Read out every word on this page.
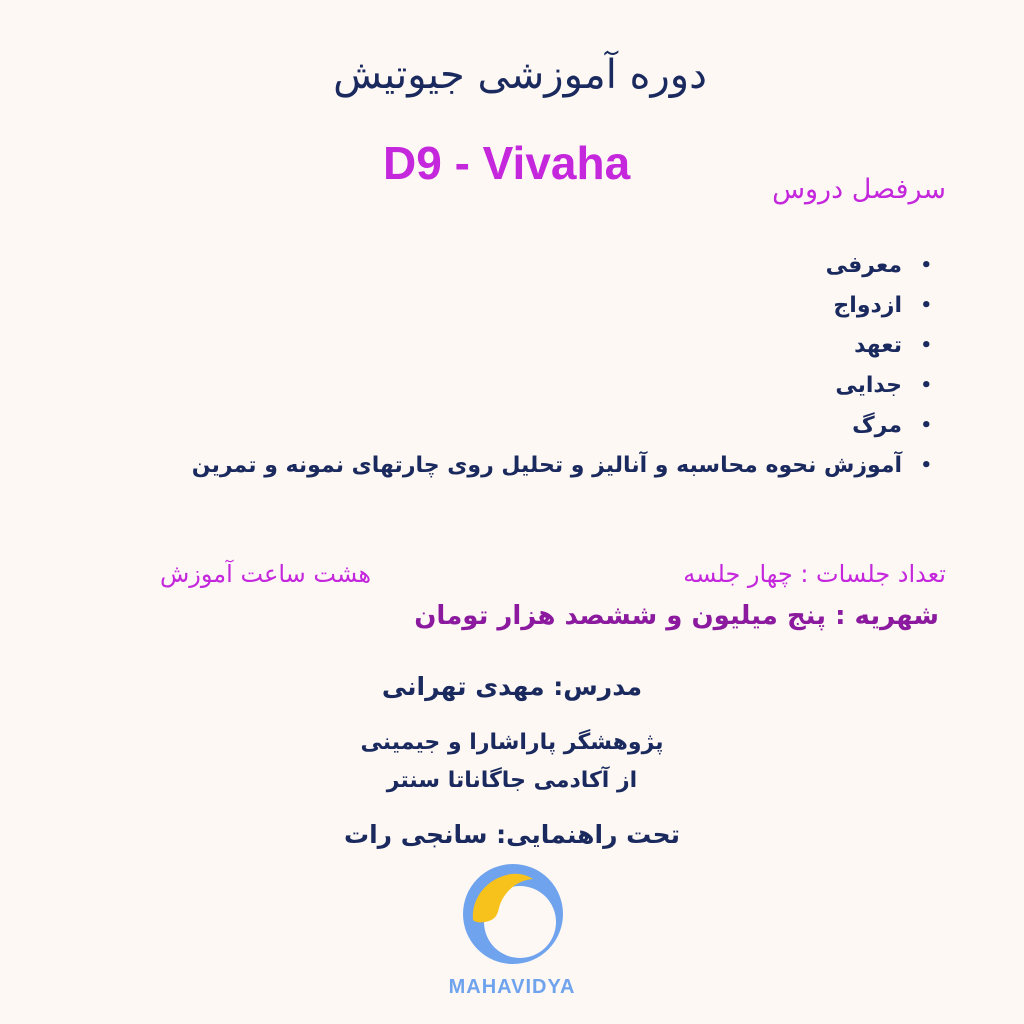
دوره آموزشی جیوتیش
D9 - Vivaha
سرفصل دروس
•
معرفی
•
ازدواج
•
تعهد
•
جدایی
•
مرگ
•
آموزش نحوه محاسبه و آنالیز و تحلیل روی چارتهای نمونه و تمرین
تعداد جلسات : چهار جلسه
هشت ساعت آموزش
شهریه : پنج میلیون و ششصد هزار تومان
مدرس: مهدی تهرانی
پژوهشگر پاراشارا و جیمینی
از آکادمی جاگاناتا سنتر
تحت راهنمایی: سانجی رات
MAHAVIDYA
